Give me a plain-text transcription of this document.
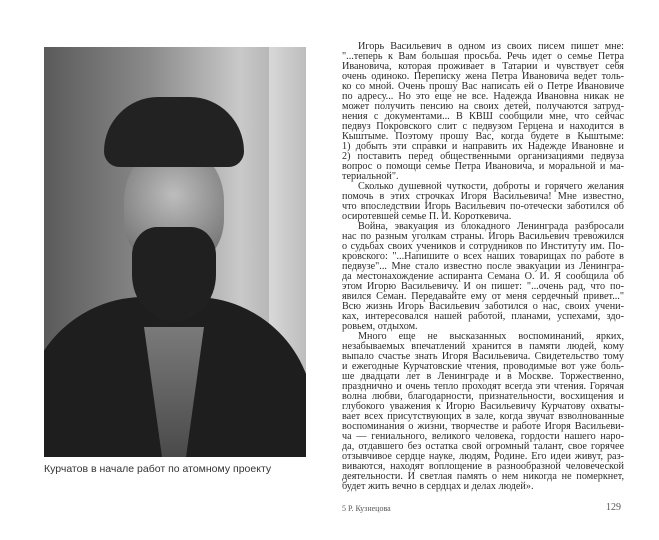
Курчатов в начале работ по атомному проекту
Игорь Васильевич в одном из своих писем пишет мне:
"...теперь к Вам большая просьба. Речь идет о семье Петра
Ивановича, которая проживает в Татарии и чувствует себя
очень одиноко. Переписку жена Петра Ивановича ведет толь-
ко со мной. Очень прошу Вас написать ей о Петре Ивановиче
по адресу... Но это еще не все. Надежда Ивановна никак не
может получить пенсию на своих детей, получаются затруд-
нения с документами... В КВШ сообщили мне, что сейчас
педвуз Покровского слит с педвузом Герцена и находится в
Кыштыме. Поэтому прошу Вас, когда будете в Кыштыме:
1) добыть эти справки и направить их Надежде Ивановне и
2) поставить перед общественными организациями педвуза
вопрос о помощи семье Петра Ивановича, и моральной и ма-
териальной".
Сколько душевной чуткости, доброты и горячего желания
помочь в этих строчках Игоря Васильевича! Мне известно,
что впоследствии Игорь Васильевич по-отечески заботился об
осиротевшей семье П. И. Короткевича.
Война, эвакуация из блокадного Ленинграда разбросали
нас по разным уголкам страны. Игорь Васильевич тревожился
о судьбах своих учеников и сотрудников по Институту им. По-
кровского: "...Напишите о всех наших товарищах по работе в
педвузе"... Мне стало известно после эвакуации из Ленингра-
да местонахождение аспиранта Семана О. И. Я сообщила об
этом Игорю Васильевичу. И он пишет: "...очень рад, что по-
явился Семан. Передавайте ему от меня сердечный привет..."
Всю жизнь Игорь Васильевич заботился о нас, своих учени-
ках, интересовался нашей работой, планами, успехами, здо-
ровьем, отдыхом.
Много еще не высказанных воспоминаний, ярких,
незабываемых впечатлений хранится в памяти людей, кому
выпало счастье знать Игоря Васильевича. Свидетельство тому
и ежегодные Курчатовские чтения, проводимые вот уже боль-
ше двадцати лет в Ленинграде и в Москве. Торжественно,
празднично и очень тепло проходят всегда эти чтения. Горячая
волна любви, благодарности, признательности, восхищения и
глубокого уважения к Игорю Васильевичу Курчатову охваты-
вает всех присутствующих в зале, когда звучат взволнованные
воспоминания о жизни, творчестве и работе Игоря Васильеви-
ча — гениального, великого человека, гордости нашего наро-
да, отдавшего без остатка свой огромный талант, свое горячее
отзывчивое сердце науке, людям, Родине. Его идеи живут, раз-
виваются, находят воплощение в разнообразной человеческой
деятельности. И светлая память о нем никогда не померкнет,
будет жить вечно в сердцах и делах людей».
5 Р. Кузнецова	129
